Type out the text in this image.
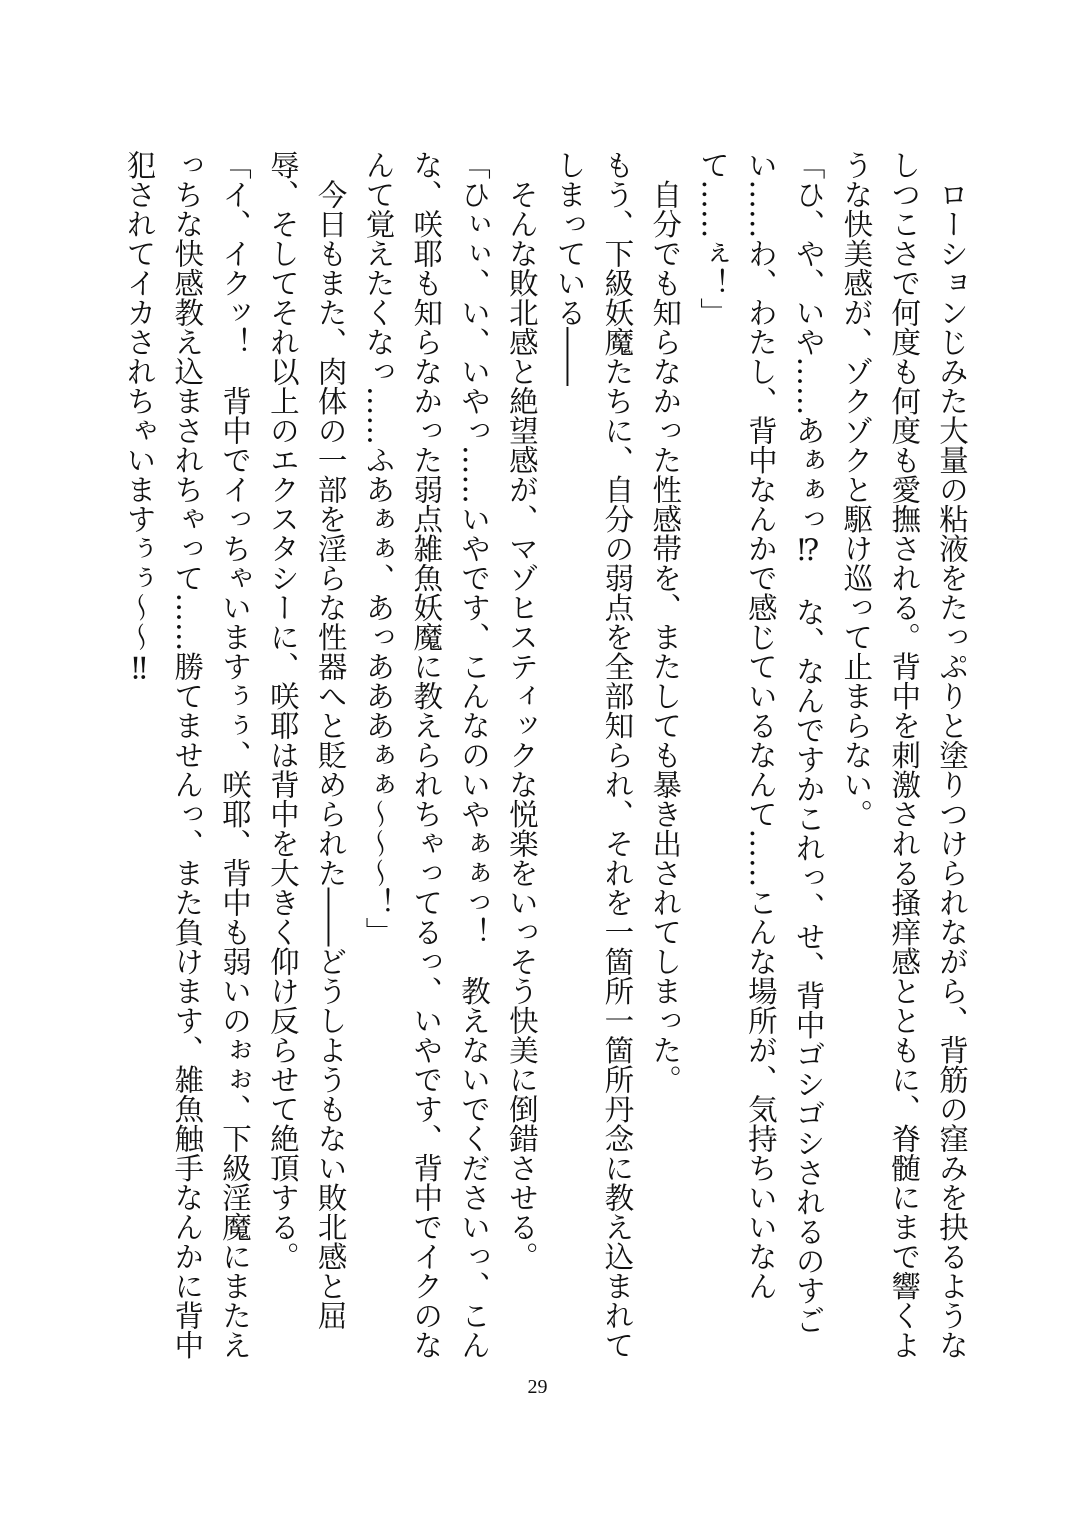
　ローションじみた大量の粘液をたっぷりと塗りつけられながら、背筋の窪みを抉るようなしつこさで何度も何度も愛撫される。背中を刺激される掻痒感とともに、脊髄にまで響くような快美感が、ゾクゾクと駆け巡って止まらない。

「ひ、や、いや……あぁぁっ⁉　な、なんですかこれっ、せ、背中ゴシゴシされるのすごい……わ、わたし、背中なんかで感じているなんて……こんな場所が、気持ちいいなんて……ぇ！」

　自分でも知らなかった性感帯を、またしても暴き出されてしまった。

もう、下級妖魔たちに、自分の弱点を全部知られ、それを一箇所一箇所丹念に教え込まれてしまっている――

　そんな敗北感と絶望感が、マゾヒスティックな悦楽をいっそう快美に倒錯させる。

「ひぃぃ、い、いやっ……いやです、こんなのいやぁぁっ！　教えないでくださいっ、こんな、咲耶も知らなかった弱点雑魚妖魔に教えられちゃってるっ、いやです、背中でイクのなんて覚えたくなっ……ふあぁぁ、あっあああぁぁ～～～！」

　今日もまた、肉体の一部を淫らな性器へと貶められた――どうしようもない敗北感と屈辱、そしてそれ以上のエクスタシーに、咲耶は背中を大きく仰け反らせて絶頂する。

「イ、イクッ！　背中でイっちゃいますぅぅ、咲耶、背中も弱いのぉぉ、下級淫魔にまたえっちな快感教え込まされちゃって……勝てませんっ、また負けます、雑魚触手なんかに背中犯されてイカされちゃいますぅぅ～～‼

29
